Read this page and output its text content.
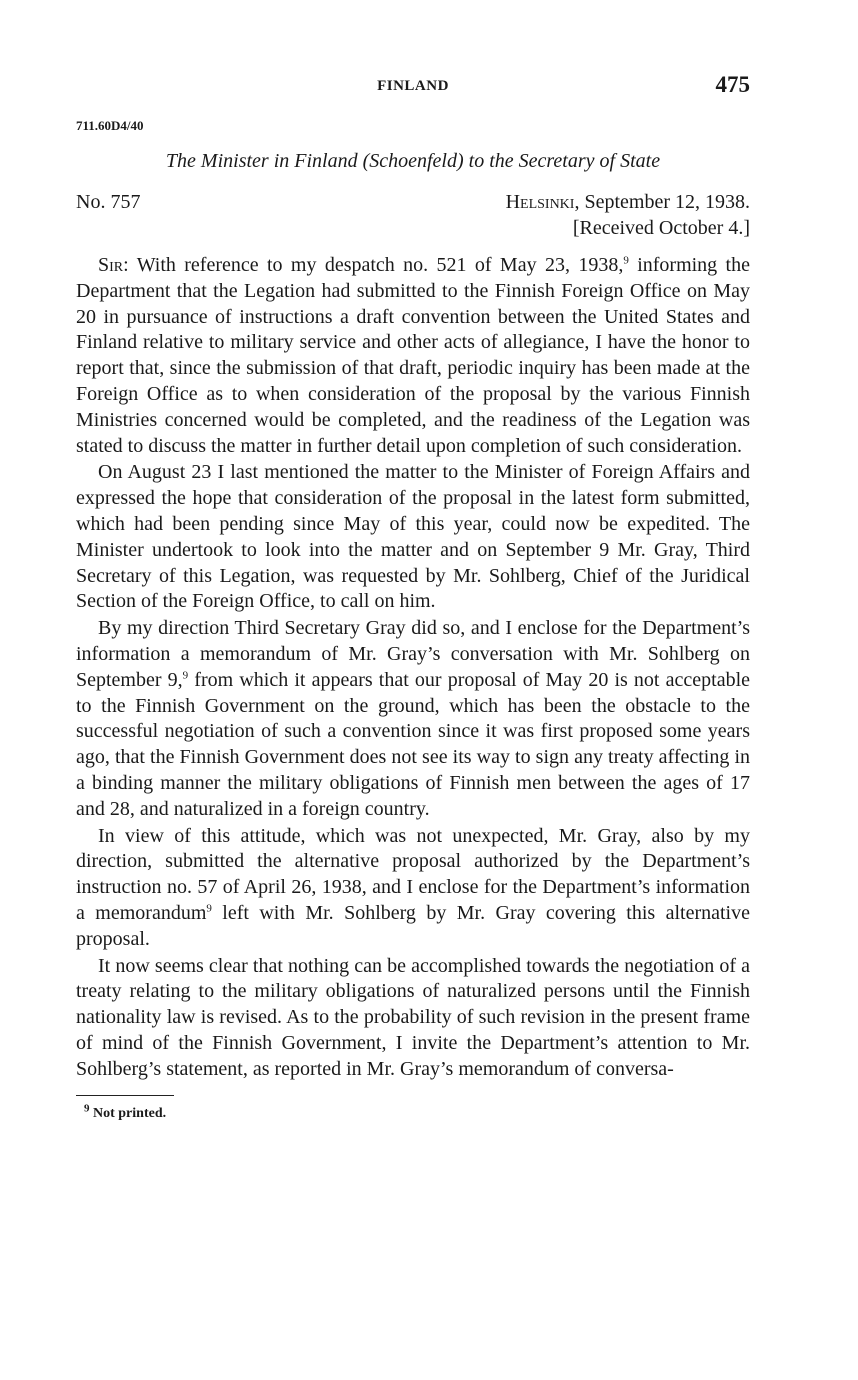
FINLAND	475
711.60D4/40
The Minister in Finland (Schoenfeld) to the Secretary of State
No. 757	Helsinki, September 12, 1938.
[Received October 4.]

Sir: With reference to my despatch no. 521 of May 23, 1938,$^9$ informing the Department that the Legation had submitted to the Finnish Foreign Office on May 20 in pursuance of instructions a draft convention between the United States and Finland relative to military service and other acts of allegiance, I have the honor to report that, since the submission of that draft, periodic inquiry has been made at the Foreign Office as to when consideration of the proposal by the various Finnish Ministries concerned would be completed, and the readiness of the Legation was stated to discuss the matter in further detail upon completion of such consideration.

On August 23 I last mentioned the matter to the Minister of Foreign Affairs and expressed the hope that consideration of the proposal in the latest form submitted, which had been pending since May of this year, could now be expedited. The Minister undertook to look into the matter and on September 9 Mr. Gray, Third Secretary of this Legation, was requested by Mr. Sohlberg, Chief of the Juridical Section of the Foreign Office, to call on him.

By my direction Third Secretary Gray did so, and I enclose for the Department’s information a memorandum of Mr. Gray’s conversation with Mr. Sohlberg on September 9,$^9$ from which it appears that our proposal of May 20 is not acceptable to the Finnish Government on the ground, which has been the obstacle to the successful negotiation of such a convention since it was first proposed some years ago, that the Finnish Government does not see its way to sign any treaty affecting in a binding manner the military obligations of Finnish men between the ages of 17 and 28, and naturalized in a foreign country.

In view of this attitude, which was not unexpected, Mr. Gray, also by my direction, submitted the alternative proposal authorized by the Department’s instruction no. 57 of April 26, 1938, and I enclose for the Department’s information a memorandum$^9$ left with Mr. Sohlberg by Mr. Gray covering this alternative proposal.

It now seems clear that nothing can be accomplished towards the negotiation of a treaty relating to the military obligations of naturalized persons until the Finnish nationality law is revised. As to the probability of such revision in the present frame of mind of the Finnish Government, I invite the Department’s attention to Mr. Sohlberg’s statement, as reported in Mr. Gray’s memorandum of conversa-

$^9$ Not printed.
